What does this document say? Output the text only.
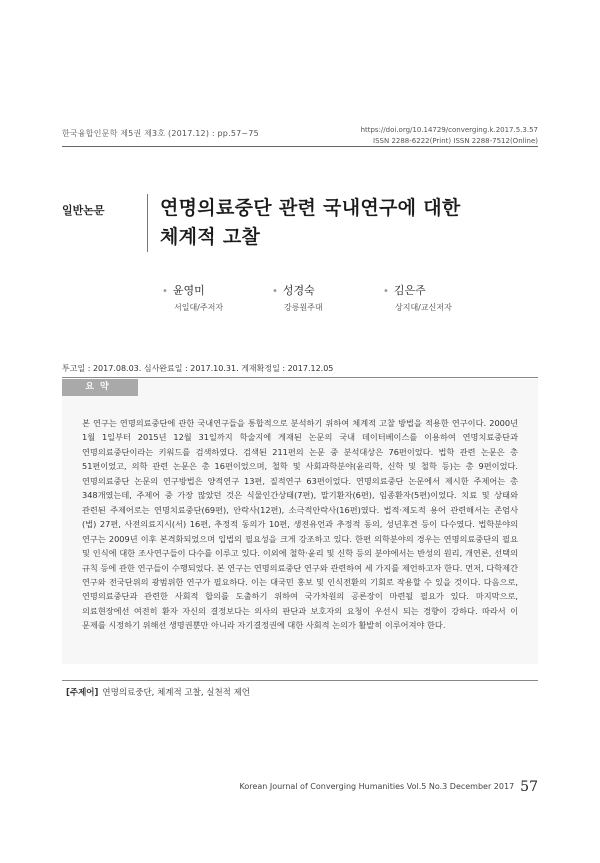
한국융합인문학 제5권 제3호 (2017.12) : pp.57~75	https://doi.org/10.14729/converging.k.2017.5.3.57
ISSN 2288-6222(Print) ISSN 2288-7512(Online)
일반논문	연명의료중단 관련 국내연구에 대한
체계적 고찰
• 윤영미
서일대/주저자
• 성경숙
강릉원주대
• 김은주
상지대/교신저자
투고일 : 2017.08.03. 심사완료일 : 2017.10.31. 게재확정일 : 2017.12.05
요약
본 연구는 연명의료중단에 관한 국내연구들을 통합적으로 분석하기 위하여 체계적 고찰 방법을 적용한 연구이다. 2000년 1월 1일부터 2015년 12월 31일까지 학술지에 게재된 논문의 국내 데이터베이스를 이용하여 연명치료중단과 연명의료중단이라는 키워드를 검색하였다. 검색된 211편의 논문 중 분석대상은 76편이었다. 법학 관련 논문은 총 51편이었고, 의학 관련 논문은 총 16편이었으며, 철학 및 사회과학분야(윤리학, 신학 및 철학 등)는 총 9편이었다. 연명의료중단 논문의 연구방법은 양적연구 13편, 질적연구 63편이었다. 연명의료중단 논문에서 제시한 주제어는 총 348개였는데, 주제어 중 가장 많았던 것은 식물인간상태(7편), 말기환자(6편), 임종환자(5편)이었다. 치료 및 상태와 관련된 주제어로는 연명치료중단(69편), 안락사(12편), 소극적안락사(16편)였다. 법적·제도적 용어 관련해서는 존엄사(법) 27편, 사전의료지시(서) 16편, 추정적 동의가 10편, 생전유언과 추정적 동의, 성년후견 등이 다수였다. 법학분야의 연구는 2009년 이후 본격화되었으며 입법의 필요성을 크게 강조하고 있다. 한편 의학분야의 경우는 연명의료중단의 필요 및 인식에 대한 조사연구들이 다수를 이루고 있다. 이외에 철학·윤리 및 신학 등의 분야에서는 반성의 원리, 개연론, 선택의 규칙 등에 관한 연구들이 수행되었다. 본 연구는 연명의료중단 연구와 관련하여 세 가지를 제언하고자 한다. 먼저, 다학제간 연구와 전국단위의 광범위한 연구가 필요하다. 이는 대국민 홍보 및 인식전환의 기회로 작용할 수 있을 것이다. 다음으로, 연명의료중단과 관련한 사회적 합의를 도출하기 위하여 국가차원의 공론장이 마련될 필요가 있다. 마지막으로, 의료현장에선 여전히 환자 자신의 결정보다는 의사의 판단과 보호자의 요청이 우선시 되는 경향이 강하다. 따라서 이 문제를 시정하기 위해선 생명권뿐만 아니라 자기결정권에 대한 사회적 논의가 활발히 이루어져야 한다.
[주제어] 연명의료중단, 체계적 고찰, 실천적 제언
Korean Journal of Converging Humanities Vol.5 No.3 December 2017 57
